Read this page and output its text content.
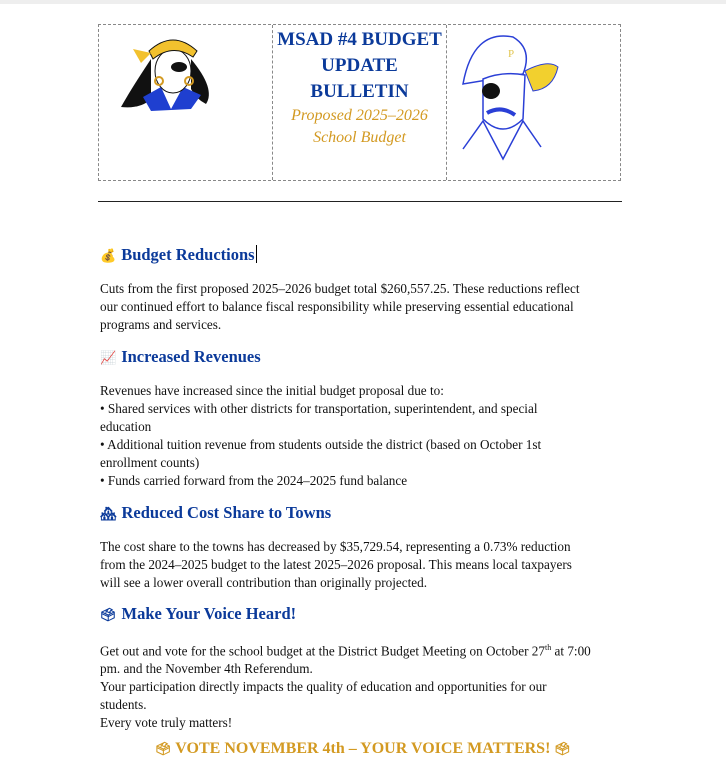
MSAD #4 BUDGET
UPDATE
BULLETIN
Proposed 2025–2026
School Budget
P
💰 Budget Reductions
Cuts from the first proposed 2025–2026 budget total $260,557.25. These reductions reflect
our continued effort to balance fiscal responsibility while preserving essential educational
programs and services.
📈 Increased Revenues
Revenues have increased since the initial budget proposal due to:
• Shared services with other districts for transportation, superintendent, and special
education
• Additional tuition revenue from students outside the district (based on October 1st
enrollment counts)
• Funds carried forward from the 2024–2025 fund balance
🏘 Reduced Cost Share to Towns
The cost share to the towns has decreased by $35,729.54, representing a 0.73% reduction
from the 2024–2025 budget to the latest 2025–2026 proposal. This means local taxpayers
will see a lower overall contribution than originally projected.
🗳 Make Your Voice Heard!
Get out and vote for the school budget at the District Budget Meeting on October 27th at 7:00
pm. and the November 4th Referendum.
Your participation directly impacts the quality of education and opportunities for our
students.
Every vote truly matters!
🗳 VOTE NOVEMBER 4th – YOUR VOICE MATTERS! 🗳
